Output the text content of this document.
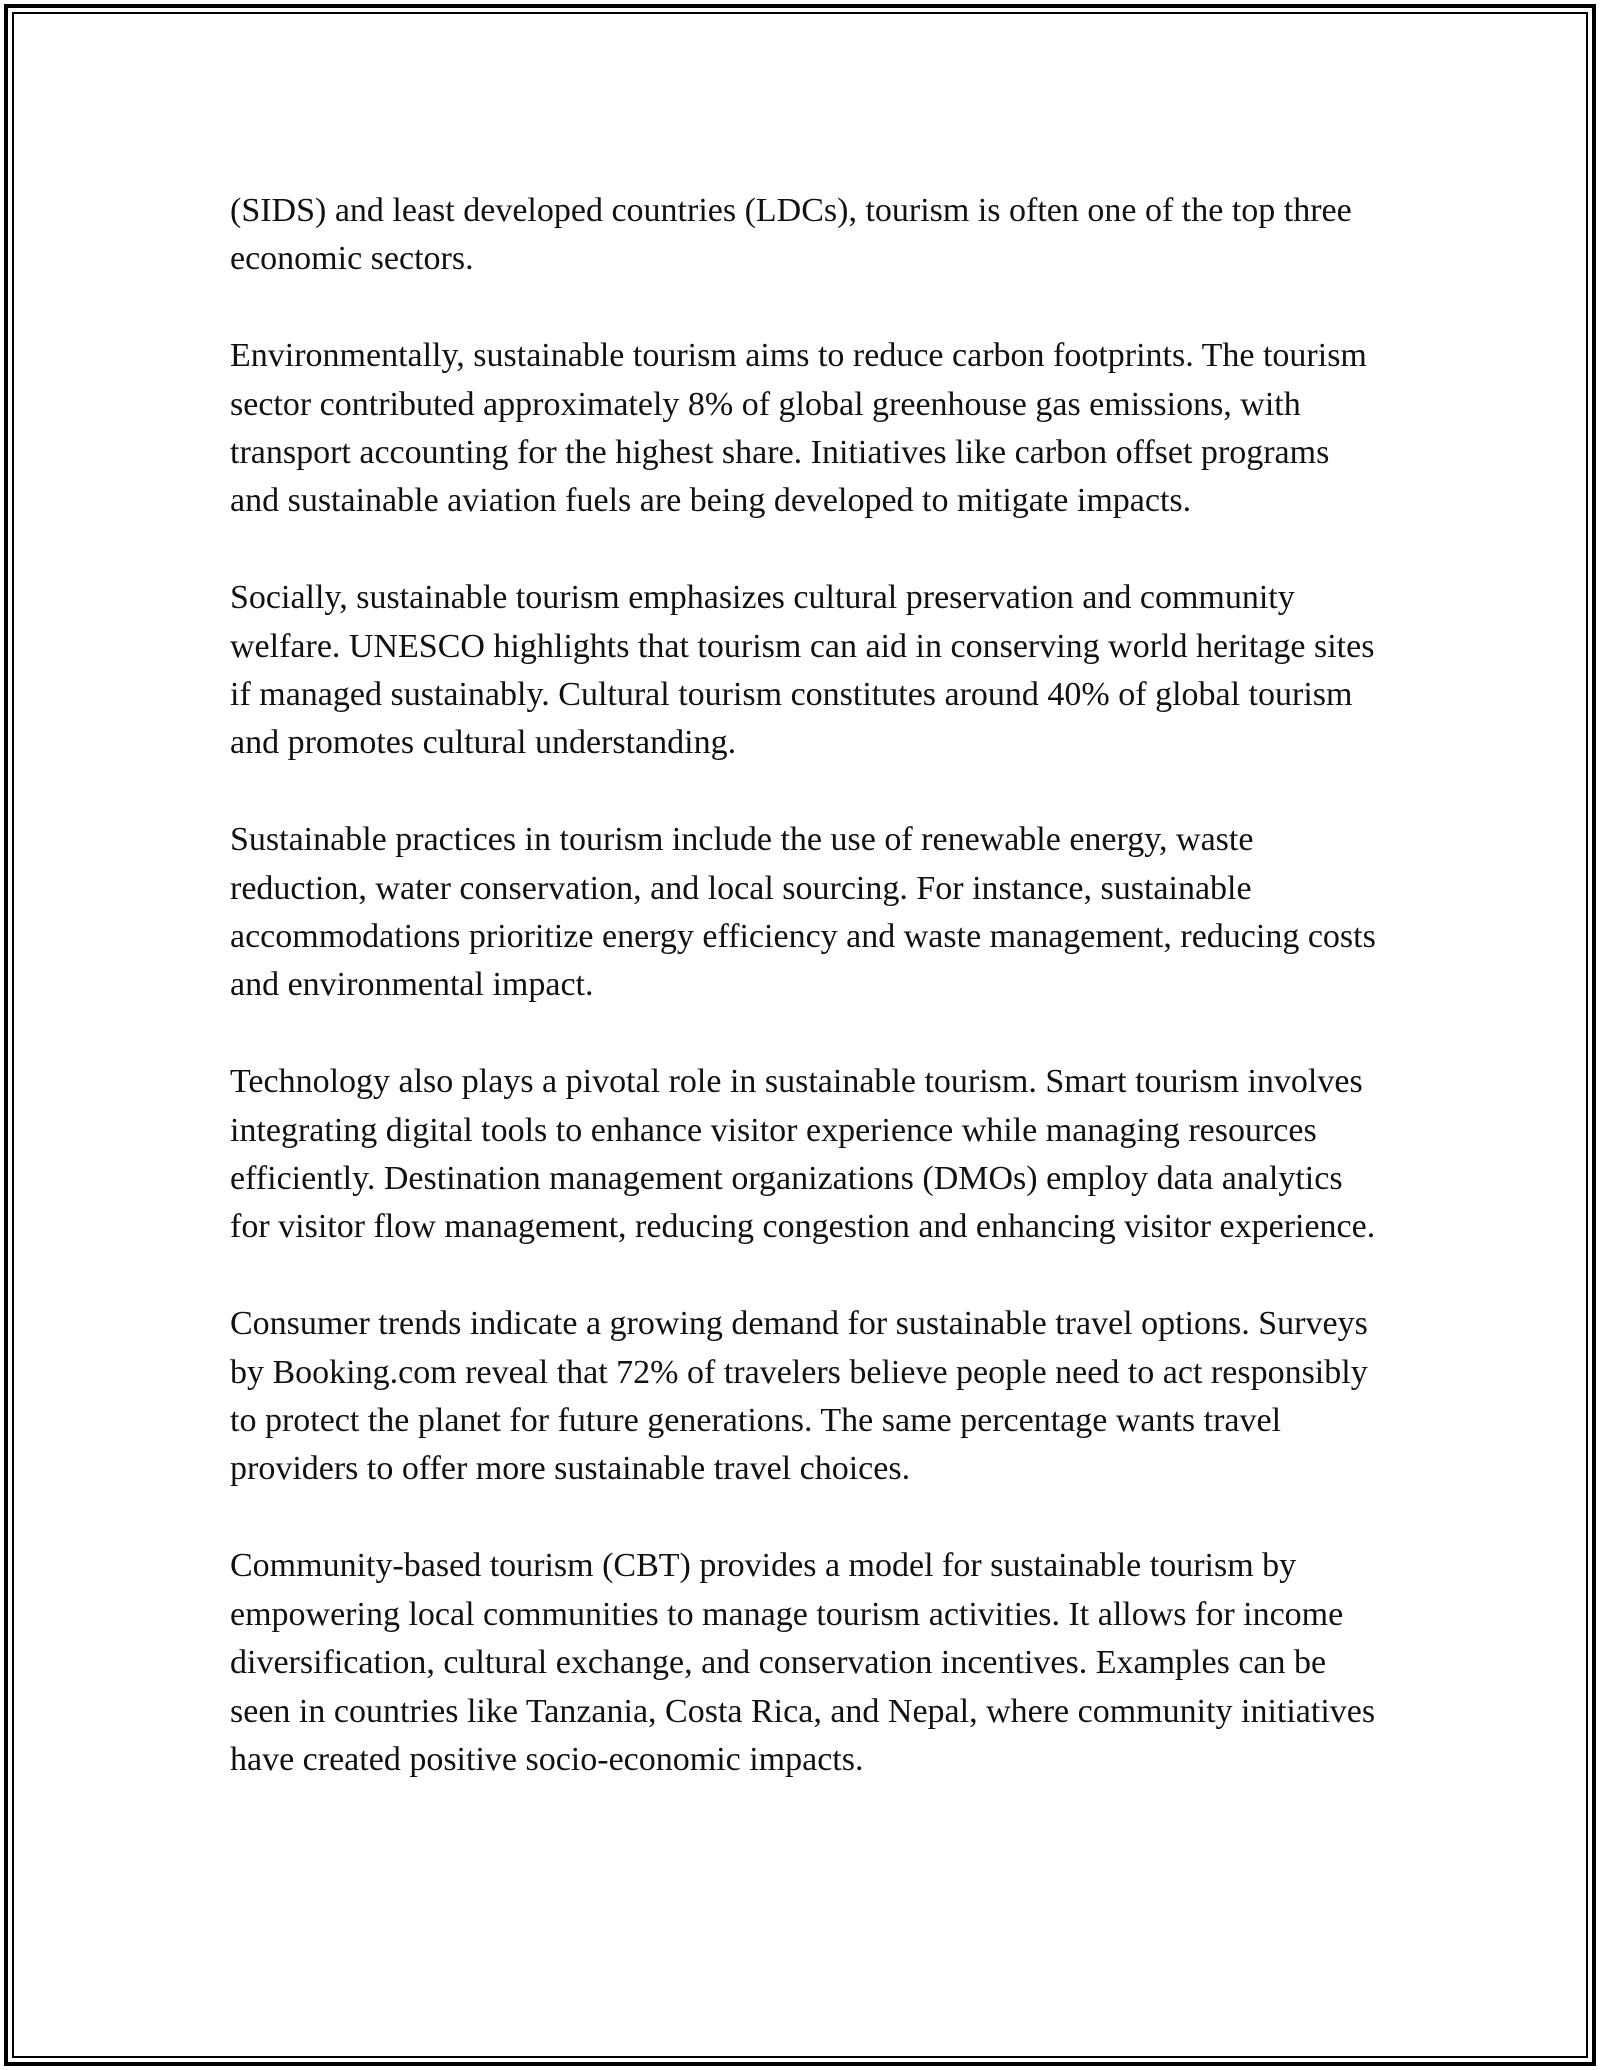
(SIDS) and least developed countries (LDCs), tourism is often one of the top three economic sectors.

Environmentally, sustainable tourism aims to reduce carbon footprints. The tourism sector contributed approximately 8% of global greenhouse gas emissions, with transport accounting for the highest share. Initiatives like carbon offset programs and sustainable aviation fuels are being developed to mitigate impacts.

Socially, sustainable tourism emphasizes cultural preservation and community welfare. UNESCO highlights that tourism can aid in conserving world heritage sites if managed sustainably. Cultural tourism constitutes around 40% of global tourism and promotes cultural understanding.

Sustainable practices in tourism include the use of renewable energy, waste reduction, water conservation, and local sourcing. For instance, sustainable accommodations prioritize energy efficiency and waste management, reducing costs and environmental impact.

Technology also plays a pivotal role in sustainable tourism. Smart tourism involves integrating digital tools to enhance visitor experience while managing resources efficiently. Destination management organizations (DMOs) employ data analytics for visitor flow management, reducing congestion and enhancing visitor experience.

Consumer trends indicate a growing demand for sustainable travel options. Surveys by Booking.com reveal that 72% of travelers believe people need to act responsibly to protect the planet for future generations. The same percentage wants travel providers to offer more sustainable travel choices.

Community-based tourism (CBT) provides a model for sustainable tourism by empowering local communities to manage tourism activities. It allows for income diversification, cultural exchange, and conservation incentives. Examples can be seen in countries like Tanzania, Costa Rica, and Nepal, where community initiatives have created positive socio-economic impacts.
